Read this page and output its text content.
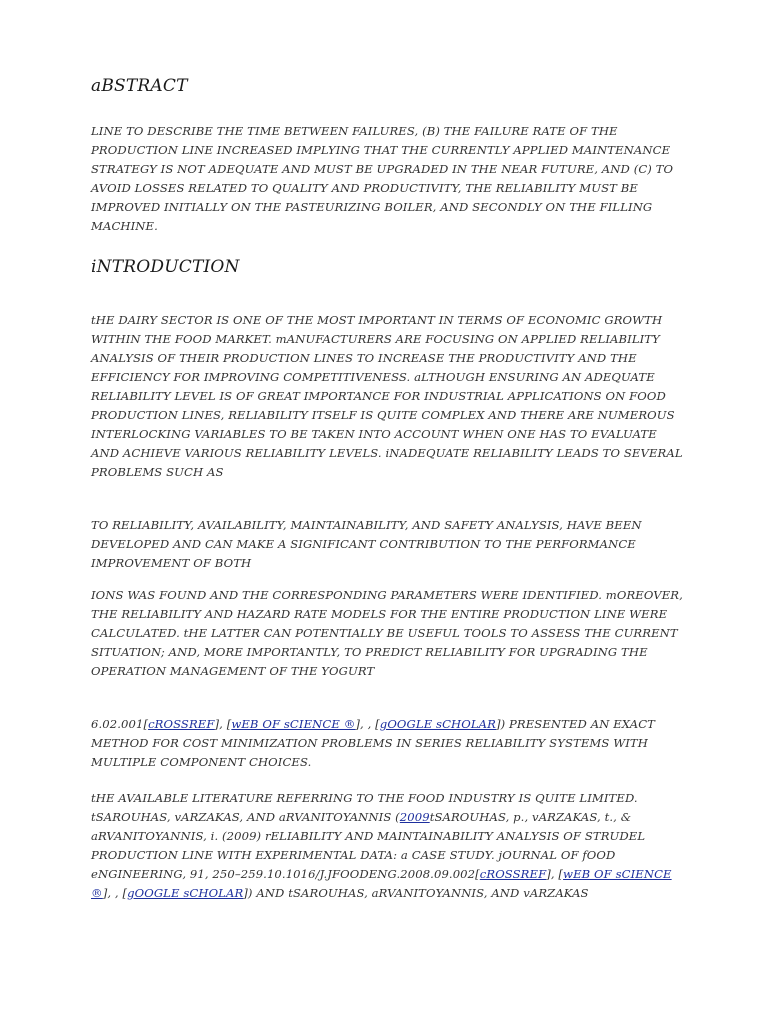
aBSTRACT

LINE TO DESCRIBE THE TIME BETWEEN FAILURES, (B) THE FAILURE RATE OF THE PRODUCTION LINE INCREASED IMPLYING THAT THE CURRENTLY APPLIED MAINTENANCE STRATEGY IS NOT ADEQUATE AND MUST BE UPGRADED IN THE NEAR FUTURE, AND (C) TO AVOID LOSSES RELATED TO QUALITY AND PRODUCTIVITY, THE RELIABILITY MUST BE IMPROVED INITIALLY ON THE PASTEURIZING BOILER, AND SECONDLY ON THE FILLING MACHINE.

iNTRODUCTION

tHE DAIRY SECTOR IS ONE OF THE MOST IMPORTANT IN TERMS OF ECONOMIC GROWTH WITHIN THE FOOD MARKET. mANUFACTURERS ARE FOCUSING ON APPLIED RELIABILITY ANALYSIS OF THEIR PRODUCTION LINES TO INCREASE THE PRODUCTIVITY AND THE EFFICIENCY FOR IMPROVING COMPETITIVENESS. aLTHOUGH ENSURING AN ADEQUATE RELIABILITY LEVEL IS OF GREAT IMPORTANCE FOR INDUSTRIAL APPLICATIONS ON FOOD PRODUCTION LINES, RELIABILITY ITSELF IS QUITE COMPLEX AND THERE ARE NUMEROUS INTERLOCKING VARIABLES TO BE TAKEN INTO ACCOUNT WHEN ONE HAS TO EVALUATE AND ACHIEVE VARIOUS RELIABILITY LEVELS. iNADEQUATE RELIABILITY LEADS TO SEVERAL PROBLEMS SUCH AS

TO RELIABILITY, AVAILABILITY, MAINTAINABILITY, AND SAFETY ANALYSIS, HAVE BEEN DEVELOPED AND CAN MAKE A SIGNIFICANT CONTRIBUTION TO THE PERFORMANCE IMPROVEMENT OF BOTH

IONS WAS FOUND AND THE CORRESPONDING PARAMETERS WERE IDENTIFIED. mOREOVER, THE RELIABILITY AND HAZARD RATE MODELS FOR THE ENTIRE PRODUCTION LINE WERE CALCULATED. tHE LATTER CAN POTENTIALLY BE USEFUL TOOLS TO ASSESS THE CURRENT SITUATION; AND, MORE IMPORTANTLY, TO PREDICT RELIABILITY FOR UPGRADING THE OPERATION MANAGEMENT OF THE YOGURT

6.02.001[cROSSREF], [wEB OF sCIENCE ®], , [gOOGLE sCHOLAR]) PRESENTED AN EXACT METHOD FOR COST MINIMIZATION PROBLEMS IN SERIES RELIABILITY SYSTEMS WITH MULTIPLE COMPONENT CHOICES.

tHE AVAILABLE LITERATURE REFERRING TO THE FOOD INDUSTRY IS QUITE LIMITED. tSAROUHAS, vARZAKAS, AND aRVANITOYANNIS (2009tSAROUHAS, p., vARZAKAS, t., & aRVANITOYANNIS, i. (2009) rELIABILITY AND MAINTAINABILITY ANALYSIS OF STRUDEL PRODUCTION LINE WITH EXPERIMENTAL DATA: a CASE STUDY. jOURNAL OF fOOD eNGINEERING, 91, 250–259.10.1016/J.JFOODENG.2008.09.002[cROSSREF], [wEB OF sCIENCE ®], , [gOOGLE sCHOLAR]) AND tSAROUHAS, aRVANITOYANNIS, AND vARZAKAS
